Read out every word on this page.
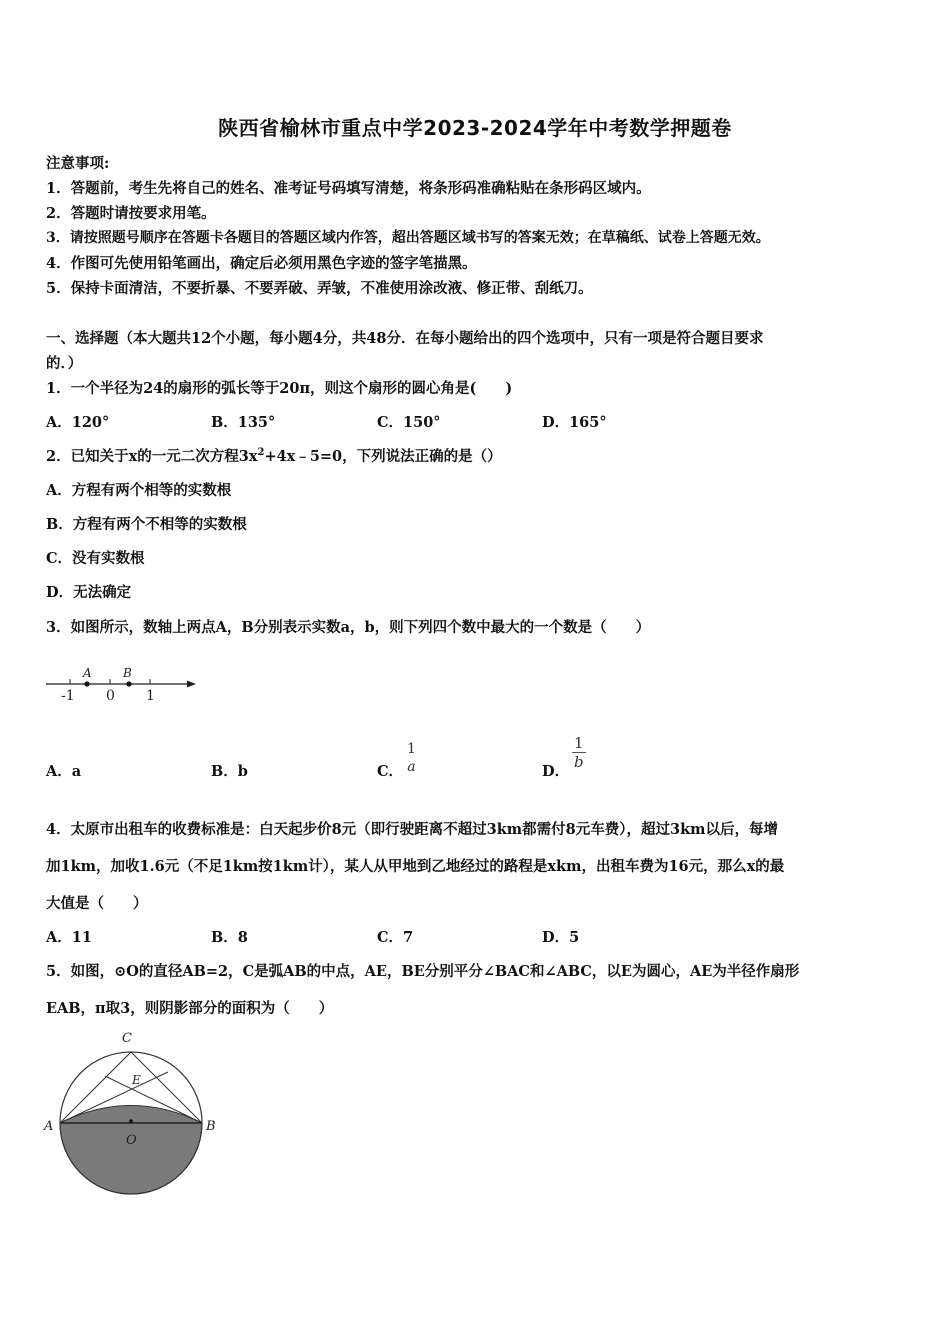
陕西省榆林市重点中学2023-2024学年中考数学押题卷
注意事项:
1．答题前，考生先将自己的姓名、准考证号码填写清楚，将条形码准确粘贴在条形码区域内。
2．答题时请按要求用笔。
3．请按照题号顺序在答题卡各题目的答题区域内作答，超出答题区域书写的答案无效；在草稿纸、试卷上答题无效。
4．作图可先使用铅笔画出，确定后必须用黑色字迹的签字笔描黑。
5．保持卡面清洁，不要折暴、不要弄破、弄皱，不准使用涂改液、修正带、刮纸刀。
一、选择题（本大题共12个小题，每小题4分，共48分．在每小题给出的四个选项中，只有一项是符合题目要求
的．）
1．一个半径为24的扇形的弧长等于20π，则这个扇形的圆心角是(　　)
A．120°	B．135°	C．150°	D．165°
2．已知关于x的一元二次方程$3x^2+4x﹣5=0$，下列说法正确的是（）
A．方程有两个相等的实数根
B．方程有两个不相等的实数根
C．没有实数根
D．无法确定
3．如图所示，数轴上两点A，B分别表示实数a，b，则下列四个数中最大的一个数是（　　）
A	B
-1 0 1
A．a	B．b	C．
1
a	D．
$\frac{1}{b}$
4．太原市出租车的收费标准是：白天起步价8元（即行驶距离不超过3km都需付8元车费），超过3km以后，每增
加1km，加收1.6元（不足1km按1km计），某人从甲地到乙地经过的路程是xkm，出租车费为16元，那么x的最
大值是（　　）
A．11	B．8	C．7	D．5
5．如图，⊙O的直径AB=2，C是弧AB的中点，AE，BE分别平分∠BAC和∠ABC，以E为圆心，AE为半径作扇形
EAB，π取3，则阴影部分的面积为（　　）
C
E
A	B
O
